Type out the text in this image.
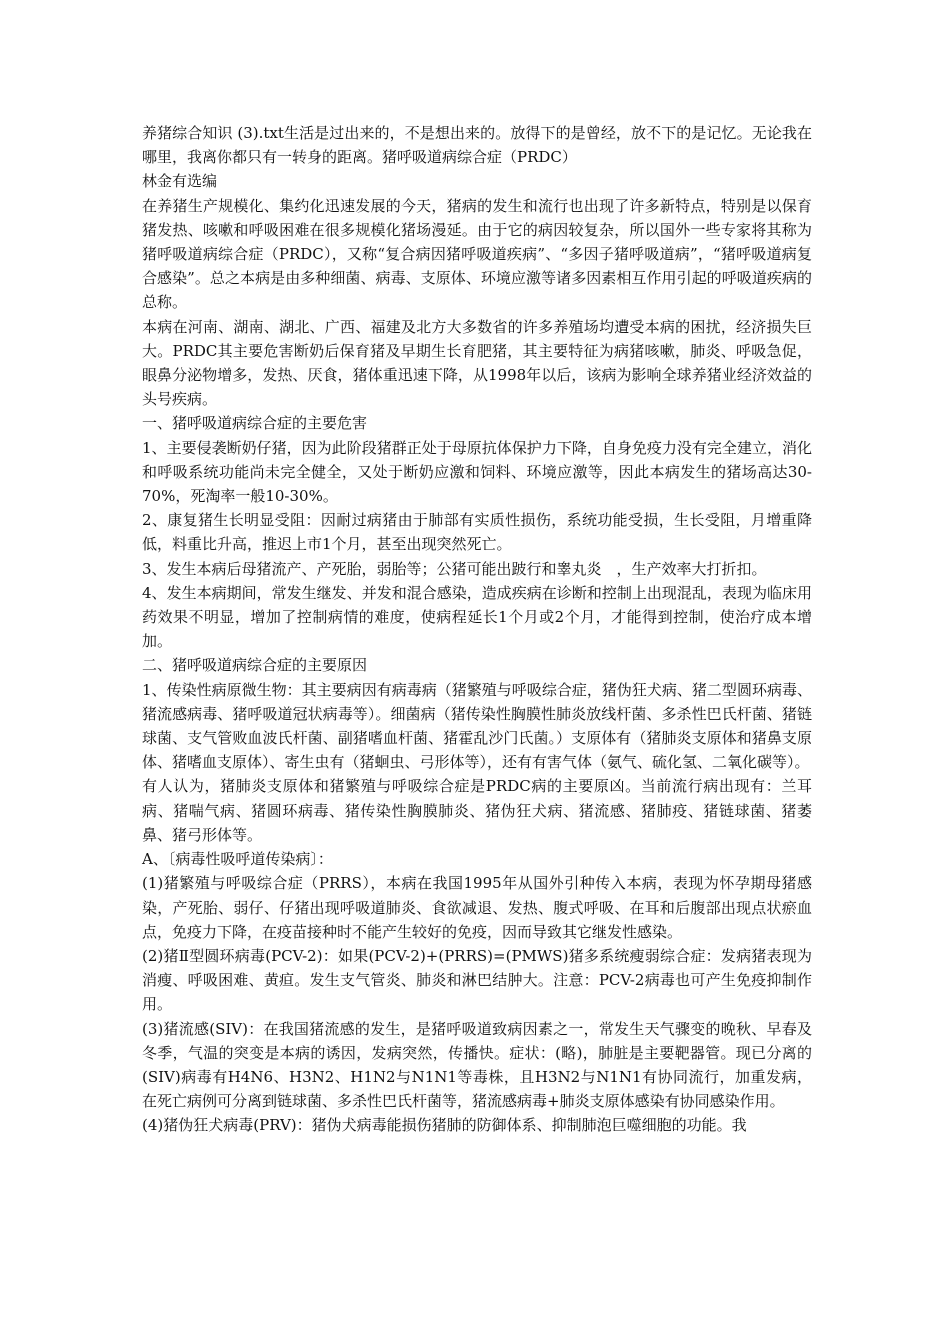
养猪综合知识 (3).txt生活是过出来的，不是想出来的。放得下的是曾经，放不下的是记忆。无论我在哪里，我离你都只有一转身的距离。猪呼吸道病综合症（PRDC）

林金有选编

在养猪生产规模化、集约化迅速发展的今天，猪病的发生和流行也出现了许多新特点，特别是以保育猪发热、咳嗽和呼吸困难在很多规模化猪场漫延。由于它的病因较复杂，所以国外一些专家将其称为猪呼吸道病综合症（PRDC），又称“复合病因猪呼吸道疾病”、“多因子猪呼吸道病”，“猪呼吸道病复合感染”。总之本病是由多种细菌、病毒、支原体、环境应激等诸多因素相互作用引起的呼吸道疾病的总称。

本病在河南、湖南、湖北、广西、福建及北方大多数省的许多养殖场均遭受本病的困扰，经济损失巨大。PRDC其主要危害断奶后保育猪及早期生长育肥猪，其主要特征为病猪咳嗽，肺炎、呼吸急促，眼鼻分泌物增多，发热、厌食，猪体重迅速下降，从1998年以后，该病为影响全球养猪业经济效益的头号疾病。

一、猪呼吸道病综合症的主要危害

1、主要侵袭断奶仔猪，因为此阶段猪群正处于母原抗体保护力下降，自身免疫力没有完全建立，消化和呼吸系统功能尚未完全健全，又处于断奶应激和饲料、环境应激等，因此本病发生的猪场高达30-70%，死淘率一般10-30%。

2、康复猪生长明显受阻：因耐过病猪由于肺部有实质性损伤，系统功能受损，生长受阻，月增重降低，料重比升高，推迟上市1个月，甚至出现突然死亡。

3、发生本病后母猪流产、产死胎，弱胎等；公猪可能出跛行和睾丸炎　，生产效率大打折扣。

4、发生本病期间，常发生继发、并发和混合感染，造成疾病在诊断和控制上出现混乱，表现为临床用药效果不明显，增加了控制病情的难度，使病程延长1个月或2个月，才能得到控制，使治疗成本增加。

二、猪呼吸道病综合症的主要原因

1、传染性病原微生物：其主要病因有病毒病（猪繁殖与呼吸综合症，猪伪狂犬病、猪二型圆环病毒、猪流感病毒、猪呼吸道冠状病毒等）。细菌病（猪传染性胸膜性肺炎放线杆菌、多杀性巴氏杆菌、猪链球菌、支气管败血波氏杆菌、副猪嗜血杆菌、猪霍乱沙门氏菌。）支原体有（猪肺炎支原体和猪鼻支原体、猪嗜血支原体）、寄生虫有（猪蛔虫、弓形体等），还有有害气体（氨气、硫化氢、二氧化碳等）。

有人认为，猪肺炎支原体和猪繁殖与呼吸综合症是PRDC病的主要原凶。当前流行病出现有：兰耳病、猪喘气病、猪圆环病毒、猪传染性胸膜肺炎、猪伪狂犬病、猪流感、猪肺疫、猪链球菌、猪萎鼻、猪弓形体等。

A、〔病毒性吸呼道传染病〕：

(1)猪繁殖与呼吸综合症（PRRS），本病在我国1995年从国外引种传入本病，表现为怀孕期母猪感染，产死胎、弱仔、仔猪出现呼吸道肺炎、食欲减退、发热、腹式呼吸、在耳和后腹部出现点状瘀血点，免疫力下降，在疫苗接种时不能产生较好的免疫，因而导致其它继发性感染。

(2)猪Ⅱ型圆环病毒(PCV-2)：如果(PCV-2)+(PRRS)=(PMWS)猪多系统瘦弱综合症：发病猪表现为消瘦、呼吸困难、黄疸。发生支气管炎、肺炎和淋巴结肿大。注意：PCV-2病毒也可产生免疫抑制作用。

(3)猪流感(SIV)：在我国猪流感的发生，是猪呼吸道致病因素之一，常发生天气骤变的晚秋、早春及冬季，气温的突变是本病的诱因，发病突然，传播快。症状：(略)，肺脏是主要靶器管。现已分离的(SIV)病毒有H4N6、H3N2、H1N2与N1N1等毒株，且H3N2与N1N1有协同流行，加重发病，在死亡病例可分离到链球菌、多杀性巴氏杆菌等，猪流感病毒+肺炎支原体感染有协同感染作用。

(4)猪伪狂犬病毒(PRV)：猪伪犬病毒能损伤猪肺的防御体系、抑制肺泡巨噬细胞的功能。我
